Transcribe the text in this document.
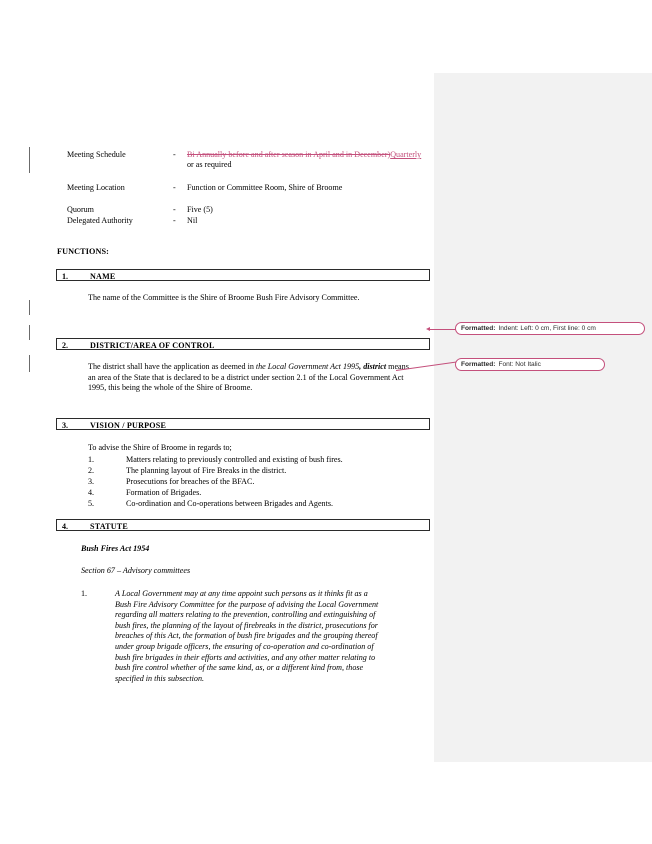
Meeting Schedule	- Bi Annually before and after season in April and in December)Quarterly or as required
Meeting Location	- Function or Committee Room, Shire of Broome
Quorum	- Five (5)
Delegated Authority	- Nil
FUNCTIONS:
1.	NAME
The name of the Committee is the Shire of Broome Bush Fire Advisory Committee.
2.	DISTRICT/AREA OF CONTROL
The district shall have the application as deemed in the Local Government Act 1995, district means an area of the State that is declared to be a district under section 2.1 of the Local Government Act 1995, this being the whole of the Shire of Broome.
3.	VISION / PURPOSE
To advise the Shire of Broome in regards to;
1.	Matters relating to previously controlled and existing of bush fires.
2.	The planning layout of Fire Breaks in the district.
3.	Prosecutions for breaches of the BFAC.
4.	Formation of Brigades.
5.	Co-ordination and Co-operations between Brigades and Agents.
4.	STATUTE
Bush Fires Act 1954
Section 67 – Advisory committees
1.	A Local Government may at any time appoint such persons as it thinks fit as a Bush Fire Advisory Committee for the purpose of advising the Local Government regarding all matters relating to the prevention, controlling and extinguishing of bush fires, the planning of the layout of firebreaks in the district, prosecutions for breaches of this Act, the formation of bush fire brigades and the grouping thereof under group brigade officers, the ensuring of co-operation and co-ordination of bush fire brigades in their efforts and activities, and any other matter relating to bush fire control whether of the same kind, as, or a different kind from, those specified in this subsection.
Formatted: Indent: Left: 0 cm, First line: 0 cm
Formatted: Font: Not Italic
